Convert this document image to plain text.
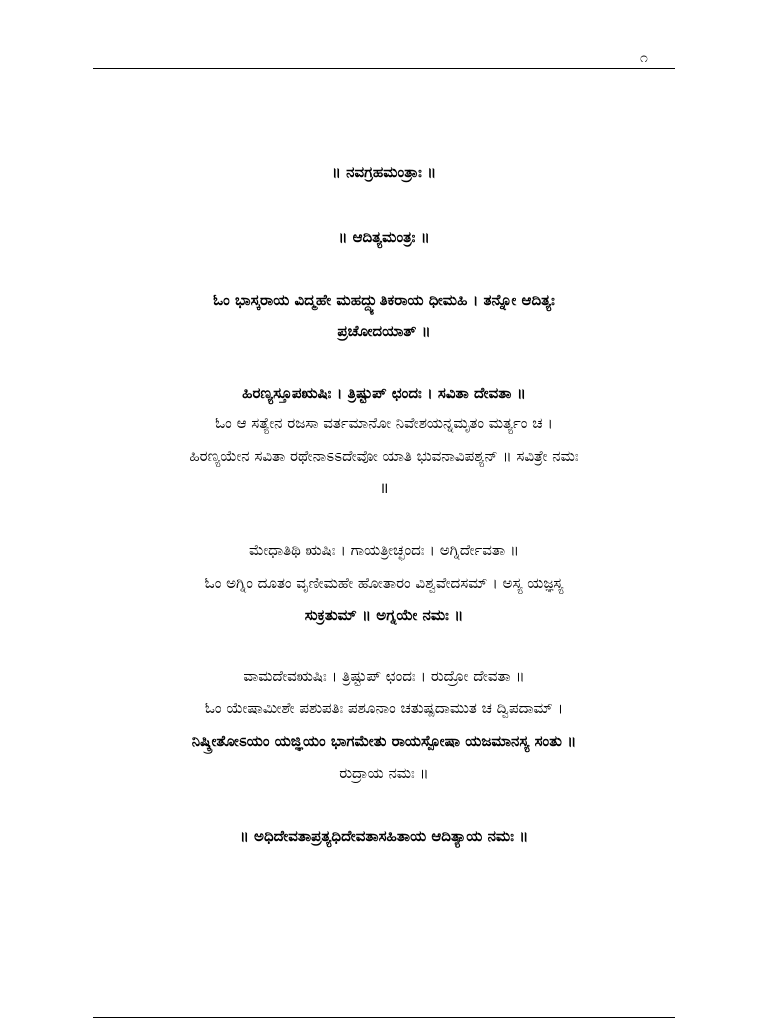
೧
॥ ನವಗ್ರಹಮಂತ್ರಾಃ ॥
॥ ಆದಿತ್ಯಮಂತ್ರಃ ॥
ಓಂ ಭಾಸ್ಕರಾಯ ವಿದ್ಮಹೇ ಮಹದ್ದ್ಯುತಿಕರಾಯ ಧೀಮಹಿ । ತನ್ನೋ ಆದಿತ್ಯಃ
ಪ್ರಚೋದಯಾತ್ ॥
ಹಿರಣ್ಯಸ್ತೂಪಋಷಿಃ । ತ್ರಿಷ್ಟುಪ್ ಛಂದಃ । ಸವಿತಾ ದೇವತಾ ॥
ಓಂ ಆ ಸತ್ಯೇನ ರಜಸಾ ವರ್ತಮಾನೋ ನಿವೇಶಯನ್ನಮೃತಂ ಮರ್ತ್ಯಂ ಚ ।
ಹಿರಣ್ಯಯೇನ ಸವಿತಾ ರಥೇನಾಽಽದೇವೋ ಯಾತಿ ಭುವನಾವಿಪಶ್ಯನ್ ॥ ಸವಿತ್ರೇ ನಮಃ
॥
ಮೇಧಾತಿಥಿ ಋಷಿಃ । ಗಾಯತ್ರೀಚ್ಛಂದಃ । ಅಗ್ನಿರ್ದೇವತಾ ॥
ಓಂ ಅಗ್ನಿಂ ದೂತಂ ವೃಣೀಮಹೇ ಹೋತಾರಂ ವಿಶ್ವವೇದಸಮ್ । ಅಸ್ಯ ಯಜ್ಞಸ್ಯ
ಸುಕ್ರತುಮ್ ॥ ಅಗ್ನಯೇ ನಮಃ ॥
ವಾಮದೇವಋಷಿಃ । ತ್ರಿಷ್ಟುಪ್ ಛಂದಃ । ರುದ್ರೋ ದೇವತಾ ॥
ಓಂ ಯೇಷಾಮೀಶೇ ಪಶುಪತಿಃ ಪಶೂನಾಂ ಚತುಷ್ಪದಾಮುತ ಚ ದ್ವಿಪದಾಮ್ ।
ನಿಷ್ಕ್ರೀತೋಽಯಂ ಯಜ್ಞಿಯಂ ಭಾಗಮೇತು ರಾಯಸ್ಪೋಷಾ ಯಜಮಾನಸ್ಯ ಸಂತು ॥
ರುದ್ರಾಯ ನಮಃ ॥
॥ ಅಧಿದೇವತಾಪ್ರತ್ಯಧಿದೇವತಾಸಹಿತಾಯ ಆದಿತ್ಯಾಯ ನಮಃ ॥
